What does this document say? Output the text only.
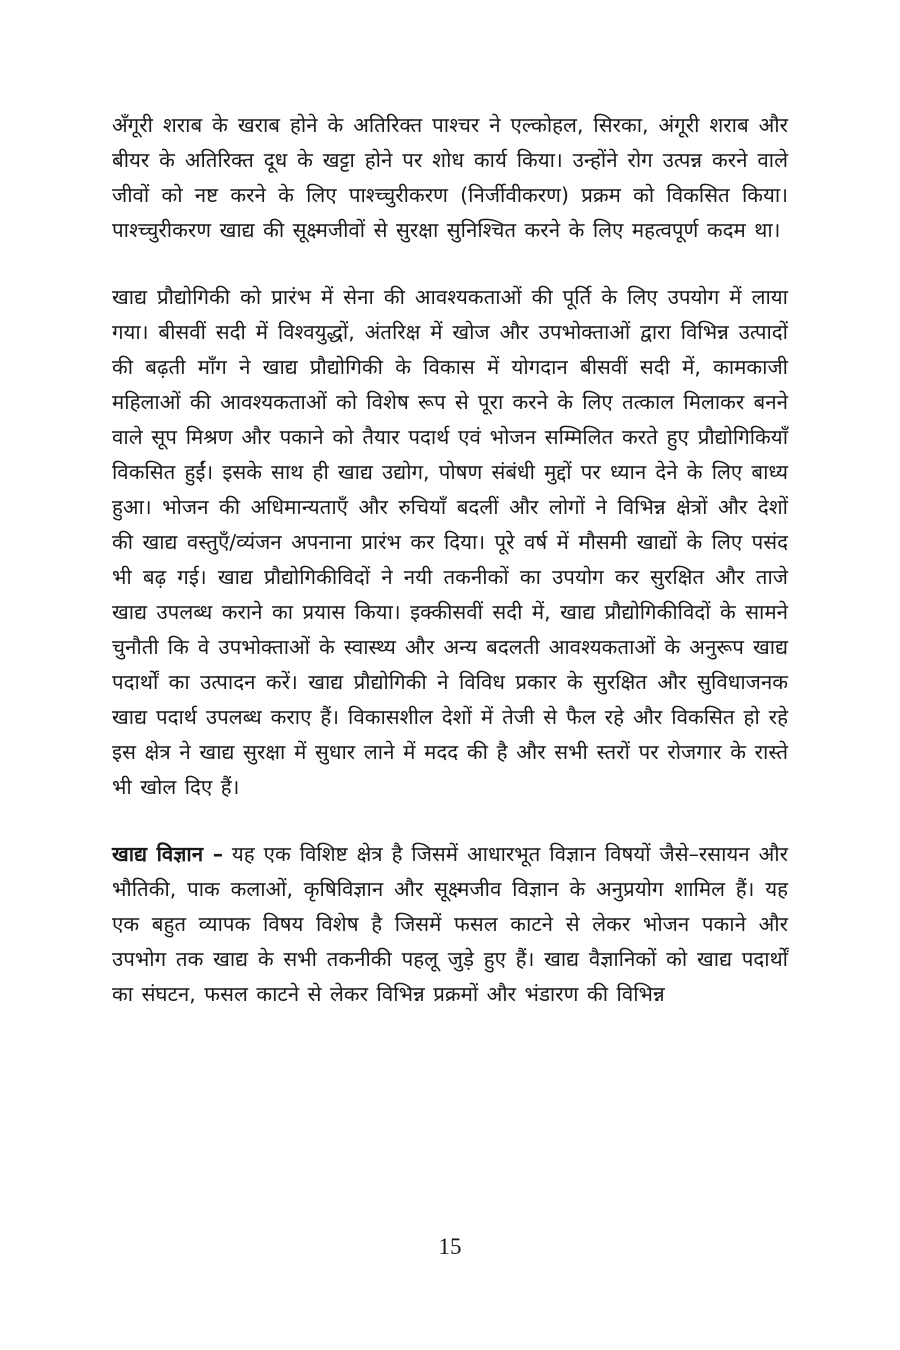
अँगूरी शराब के खराब होने के अतिरिक्त पाश्चर ने एल्कोहल, सिरका, अंगूरी शराब और बीयर के अतिरिक्त दूध के खट्टा होने पर शोध कार्य किया। उन्होंने रोग उत्पन्न करने वाले जीवों को नष्ट करने के लिए पाश्च्चुरीकरण (निर्जीवीकरण) प्रक्रम को विकसित किया। पाश्च्चुरीकरण खाद्य की सूक्ष्मजीवों से सुरक्षा सुनिश्चित करने के लिए महत्वपूर्ण कदम था।

खाद्य प्रौद्योगिकी को प्रारंभ में सेना की आवश्यकताओं की पूर्ति के लिए उपयोग में लाया गया। बीसवीं सदी में विश्वयुद्धों, अंतरिक्ष में खोज और उपभोक्ताओं द्वारा विभिन्न उत्पादों की बढ़ती माँग ने खाद्य प्रौद्योगिकी के विकास में योगदान बीसवीं सदी में, कामकाजी महिलाओं की आवश्यकताओं को विशेष रूप से पूरा करने के लिए तत्काल मिलाकर बनने वाले सूप मिश्रण और पकाने को तैयार पदार्थ एवं भोजन सम्मिलित करते हुए प्रौद्योगिकियाँ विकसित हुईं। इसके साथ ही खाद्य उद्योग, पोषण संबंधी मुद्दों पर ध्यान देने के लिए बाध्य हुआ। भोजन की अधिमान्यताएँ और रुचियाँ बदलीं और लोगों ने विभिन्न क्षेत्रों और देशों की खाद्य वस्तुएँ/व्यंजन अपनाना प्रारंभ कर दिया। पूरे वर्ष में मौसमी खाद्यों के लिए पसंद भी बढ़ गई। खाद्य प्रौद्योगिकीविदों ने नयी तकनीकों का उपयोग कर सुरक्षित और ताजे खाद्य उपलब्ध कराने का प्रयास किया। इक्कीसवीं सदी में, खाद्य प्रौद्योगिकीविदों के सामने चुनौती कि वे उपभोक्ताओं के स्वास्थ्य और अन्य बदलती आवश्यकताओं के अनुरूप खाद्य पदार्थों का उत्पादन करें। खाद्य प्रौद्योगिकी ने विविध प्रकार के सुरक्षित और सुविधाजनक खाद्य पदार्थ उपलब्ध कराए हैं। विकासशील देशों में तेजी से फैल रहे और विकसित हो रहे इस क्षेत्र ने खाद्य सुरक्षा में सुधार लाने में मदद की है और सभी स्तरों पर रोजगार के रास्ते भी खोल दिए हैं।

खाद्य विज्ञान – यह एक विशिष्ट क्षेत्र है जिसमें आधारभूत विज्ञान विषयों जैसे–रसायन और भौतिकी, पाक कलाओं, कृषिविज्ञान और सूक्ष्मजीव विज्ञान के अनुप्रयोग शामिल हैं। यह एक बहुत व्यापक विषय विशेष है जिसमें फसल काटने से लेकर भोजन पकाने और उपभोग तक खाद्य के सभी तकनीकी पहलू जुड़े हुए हैं। खाद्य वैज्ञानिकों को खाद्य पदार्थों का संघटन, फसल काटने से लेकर विभिन्न प्रक्रमों और भंडारण की विभिन्न

15
